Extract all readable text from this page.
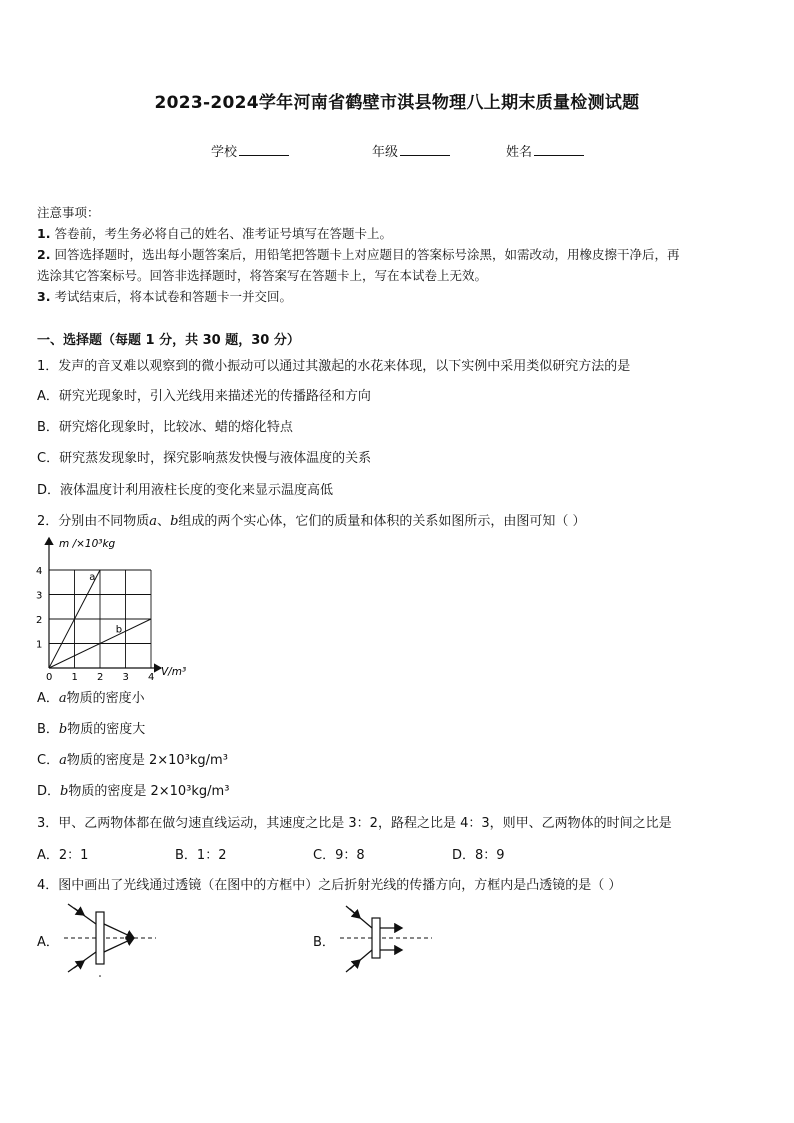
2023-2024学年河南省鹤壁市淇县物理八上期末质量检测试题
学校	年级	姓名
注意事项：
1. 答卷前，考生务必将自己的姓名、准考证号填写在答题卡上。
2. 回答选择题时，选出每小题答案后，用铅笔把答题卡上对应题目的答案标号涂黑，如需改动，用橡皮擦干净后，再
选涂其它答案标号。回答非选择题时，将答案写在答题卡上，写在本试卷上无效。
3. 考试结束后，将本试卷和答题卡一并交回。
一、选择题（每题 1 分，共 30 题，30 分）
1．发声的音叉难以观察到的微小振动可以通过其激起的水花来体现，以下实例中采用类似研究方法的是
A．研究光现象时，引入光线用来描述光的传播路径和方向
B．研究熔化现象时，比较冰、蜡的熔化特点
C．研究蒸发现象时，探究影响蒸发快慢与液体温度的关系
D．液体温度计利用液柱长度的变化来显示温度高低
2．分别由不同物质a、b组成的两个实心体，它们的质量和体积的关系如图所示，由图可知（ ）
m /×10³kg
V/m³
0 1 2 3 4
1
2
3
4
a
b
A．a物质的密度小
B．b物质的密度大
C．a物质的密度是 2×10³kg/m³
D．b物质的密度是 2×10³kg/m³
3．甲、乙两物体都在做匀速直线运动，其速度之比是 3：2，路程之比是 4：3，则甲、乙两物体的时间之比是
A．2：1	B．1：2	C．9：8	D．8：9
4．图中画出了光线通过透镜（在图中的方框中）之后折射光线的传播方向，方框内是凸透镜的是（ ）
A．	B．
